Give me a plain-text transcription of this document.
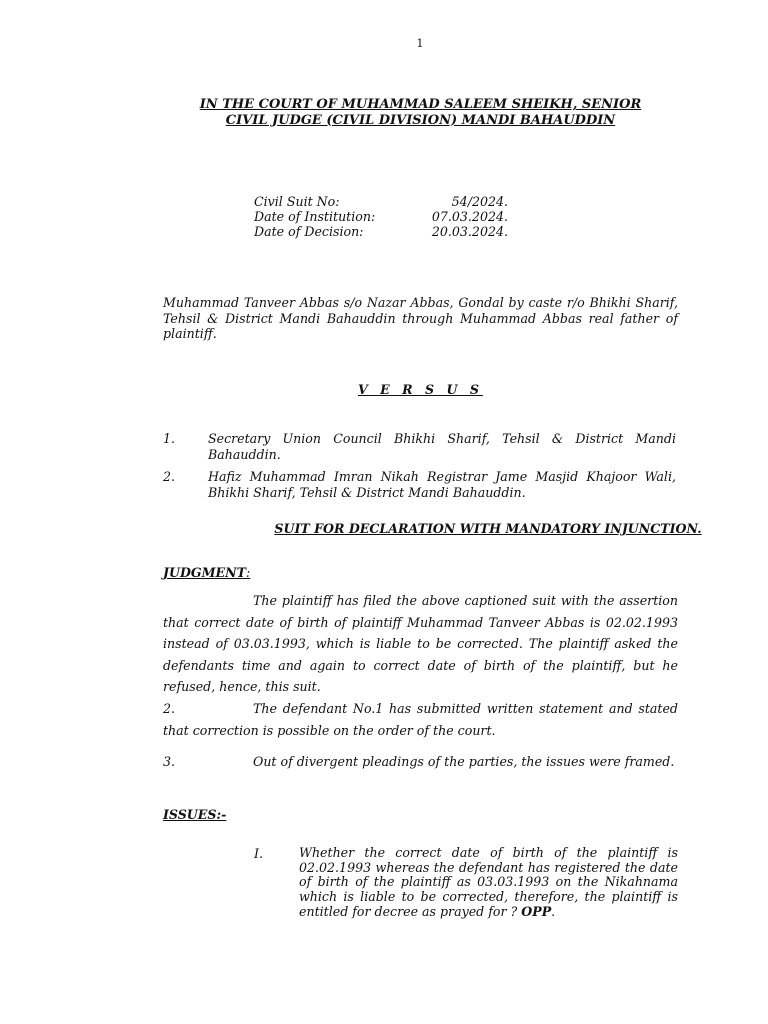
1
IN THE COURT OF MUHAMMAD SALEEM SHEIKH, SENIOR
CIVIL JUDGE (CIVIL DIVISION) MANDI BAHAUDDIN
Civil Suit No:	54/2024.
Date of Institution:	07.03.2024.
Date of Decision:	20.03.2024.
Muhammad Tanveer Abbas s/o Nazar Abbas, Gondal by caste r/o Bhikhi Sharif, Tehsil & District Mandi Bahauddin through Muhammad Abbas real father of plaintiff.
V E R S U S
1.	Secretary Union Council Bhikhi Sharif, Tehsil & District Mandi Bahauddin.
2.	Hafiz Muhammad Imran Nikah Registrar Jame Masjid Khajoor Wali, Bhikhi Sharif, Tehsil & District Mandi Bahauddin.
SUIT FOR DECLARATION WITH MANDATORY INJUNCTION.
JUDGMENT:
The plaintiff has filed the above captioned suit with the assertion that correct date of birth of plaintiff Muhammad Tanveer Abbas is 02.02.1993 instead of 03.03.1993, which is liable to be corrected. The plaintiff asked the defendants time and again to correct date of birth of the plaintiff, but he refused, hence, this suit.
2.	The defendant No.1 has submitted written statement and stated that correction is possible on the order of the court.
3.	Out of divergent pleadings of the parties, the issues were framed.
ISSUES:-
I.	Whether the correct date of birth of the plaintiff is 02.02.1993 whereas the defendant has registered the date of birth of the plaintiff as 03.03.1993 on the Nikahnama which is liable to be corrected, therefore, the plaintiff is entitled for decree as prayed for ? OPP.
